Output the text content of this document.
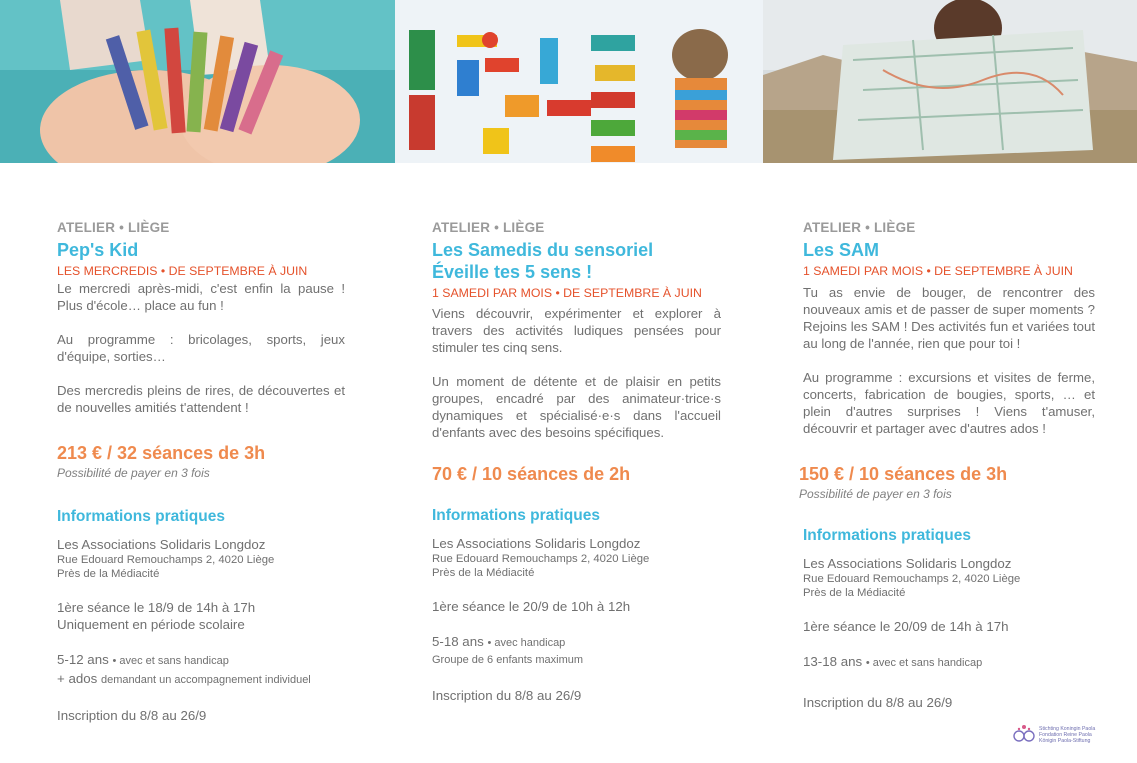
ATELIER • LIÈGE
Pep's Kid
LES MERCREDIS • DE SEPTEMBRE À JUIN
Le mercredi après-midi, c'est enfin la pause ! Plus d'école… place au fun !
Au programme : bricolages, sports, jeux d'équipe, sorties…
Des mercredis pleins de rires, de découvertes et de nouvelles amitiés t'attendent !
213 € / 32 séances de 3h
Possibilité de payer en 3 fois
Informations pratiques
Les Associations Solidaris Longdoz
Rue Edouard Remouchamps 2, 4020 Liège
Près de la Médiacité
1ère séance le 18/9 de 14h à 17h
Uniquement en période scolaire
5-12 ans • avec et sans handicap
+ ados demandant un accompagnement individuel
Inscription du 8/8 au 26/9
ATELIER • LIÈGE
Les Samedis du sensoriel
Éveille tes 5 sens !
1 SAMEDI PAR MOIS • DE SEPTEMBRE À JUIN
Viens découvrir, expérimenter et explorer à travers des activités ludiques pensées pour stimuler tes cinq sens.
Un moment de détente et de plaisir en petits groupes, encadré par des animateur·trice·s dynamiques et spécialisé·e·s dans l'accueil d'enfants avec des besoins spécifiques.
70 € / 10 séances de 2h
Informations pratiques
Les Associations Solidaris Longdoz
Rue Edouard Remouchamps 2, 4020 Liège
Près de la Médiacité
1ère séance le 20/9 de 10h à 12h
5-18 ans • avec handicap
Groupe de 6 enfants maximum
Inscription du 8/8 au 26/9
ATELIER • LIÈGE
Les SAM
1 SAMEDI PAR MOIS • DE SEPTEMBRE À JUIN
Tu as envie de bouger, de rencontrer des nouveaux amis et de passer de super moments ? Rejoins les SAM ! Des activités fun et variées tout au long de l'année, rien que pour toi !
Au programme : excursions et visites de ferme, concerts, fabrication de bougies, sports, … et plein d'autres surprises ! Viens t'amuser, découvrir et partager avec d'autres ados !
150 € / 10 séances de 3h
Possibilité de payer en 3 fois
Informations pratiques
Les Associations Solidaris Longdoz
Rue Edouard Remouchamps 2, 4020 Liège
Près de la Médiacité
1ère séance le 20/09 de 14h à 17h
13-18 ans • avec et sans handicap
Inscription du 8/8 au 26/9
Stichting Koningin Paola
Fondation Reine Paola
Königin Paola-Stiftung
